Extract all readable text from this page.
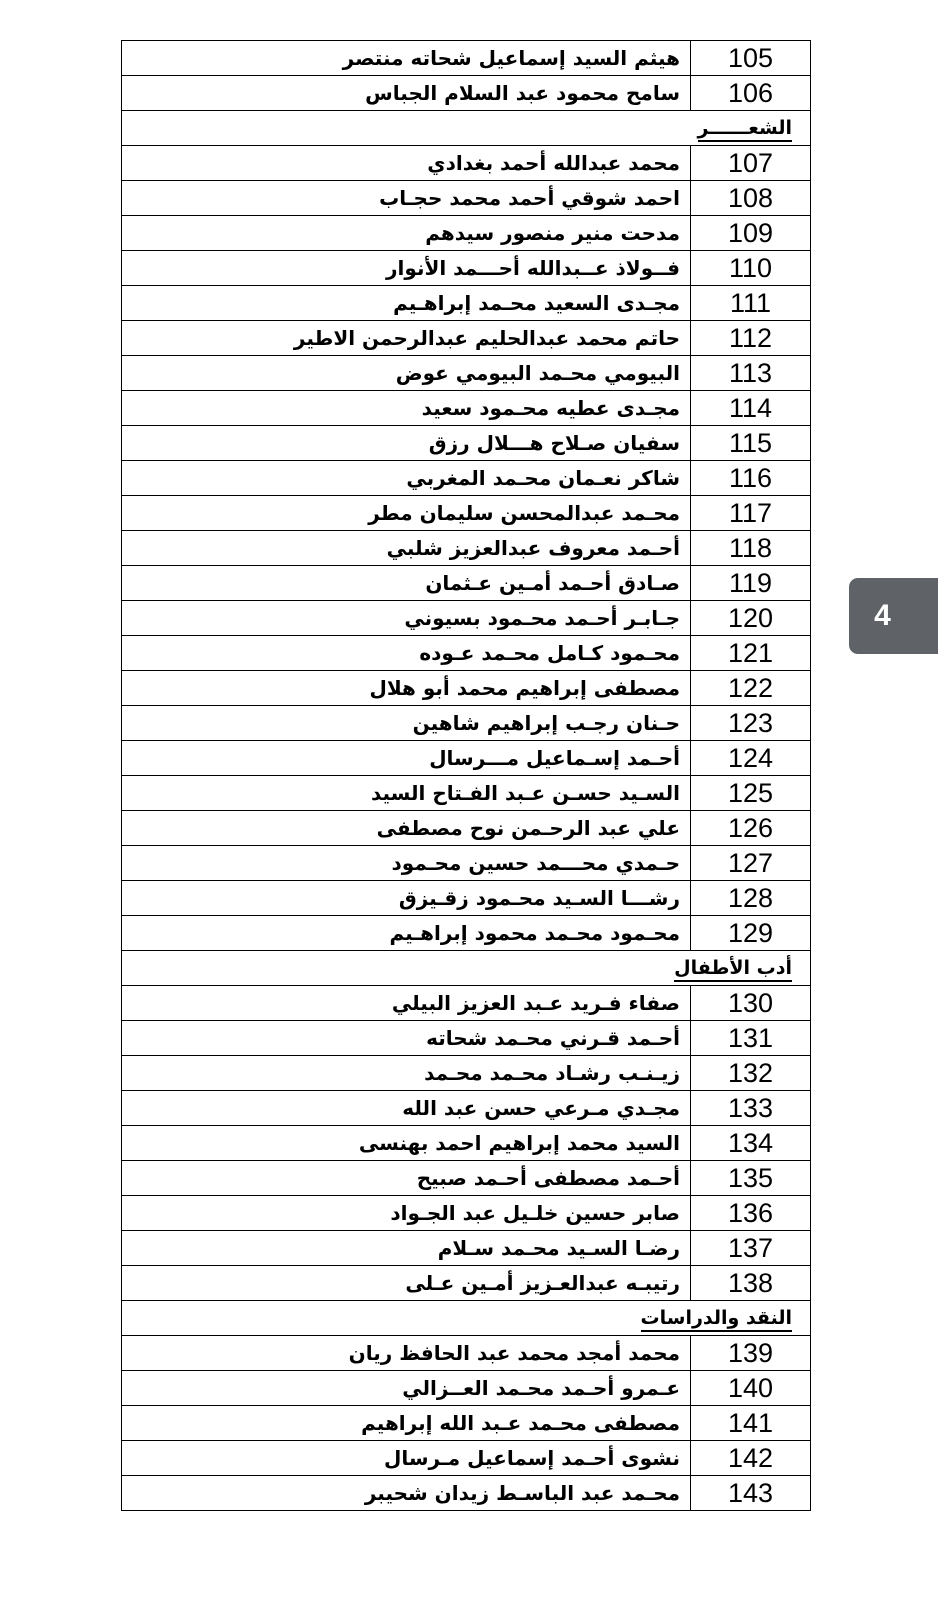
هيثم السيد إسماعيل شحاته منتصر	105
سامح محمود عبد السلام الجباس	106
الشعــــــر	
محمد عبدالله أحمد بغدادي	107
احمد شوقي أحمد محمد حجـاب	108
مدحت منير منصور سيدهم	109
فــولاذ عــبدالله أحـــمد الأنوار	110
مجـدى السعيد محـمد إبراهـيم	111
حاتم محمد عبدالحليم عبدالرحمن الاطير	112
البيومي محـمد البيومي عوض	113
مجـدى عطيه محـمود سعيد	114
سفيان صـلاح هـــلال رزق	115
شاكر نعـمان محـمد المغربي	116
محـمد عبدالمحسن سليمان مطر	117
أحـمد معروف عبدالعزيز شلبي	118
صـادق أحـمد أمـين عـثمان	119
جـابـر أحـمد محـمود بسيوني	120
محـمود كـامل محـمد عـوده	121
مصطفى إبراهيم محمد أبو هلال	122
حـنان رجـب إبراهيم شاهين	123
أحـمد إسـماعيل مـــرسال	124
السـيد حسـن عـبد الفـتاح السيد	125
علي عبد الرحـمن نوح مصطفى	126
حـمدي محـــمد حسين محـمود	127
رشـــا السـيد محـمود زقـيزق	128
محـمود محـمد محمود إبراهـيم	129
أدب الأطفال	
صفاء فـريد عـبد العزيز البيلي	130
أحـمد قـرني محـمد شحاته	131
زيـنـب رشـاد محـمد محـمد	132
مجـدي مـرعي حسن عبد الله	133
السيد محمد إبراهيم احمد بهنسى	134
أحـمد مصطفى أحـمد صبيح	135
صابر حسين خلـيل عبد الجـواد	136
رضـا السـيد محـمد سـلام	137
رتيبـه عبدالعـزيز أمـين عـلى	138
النقد والدراسات	
محمد أمجد محمد عبد الحافظ ريان	139
عـمرو أحـمد محـمد العــزالي	140
مصطفى محـمد عـبد الله إبراهيم	141
نشوى أحـمد إسماعيل مـرسال	142
محـمد عبد الباسـط زيدان شحيبر	143
4
